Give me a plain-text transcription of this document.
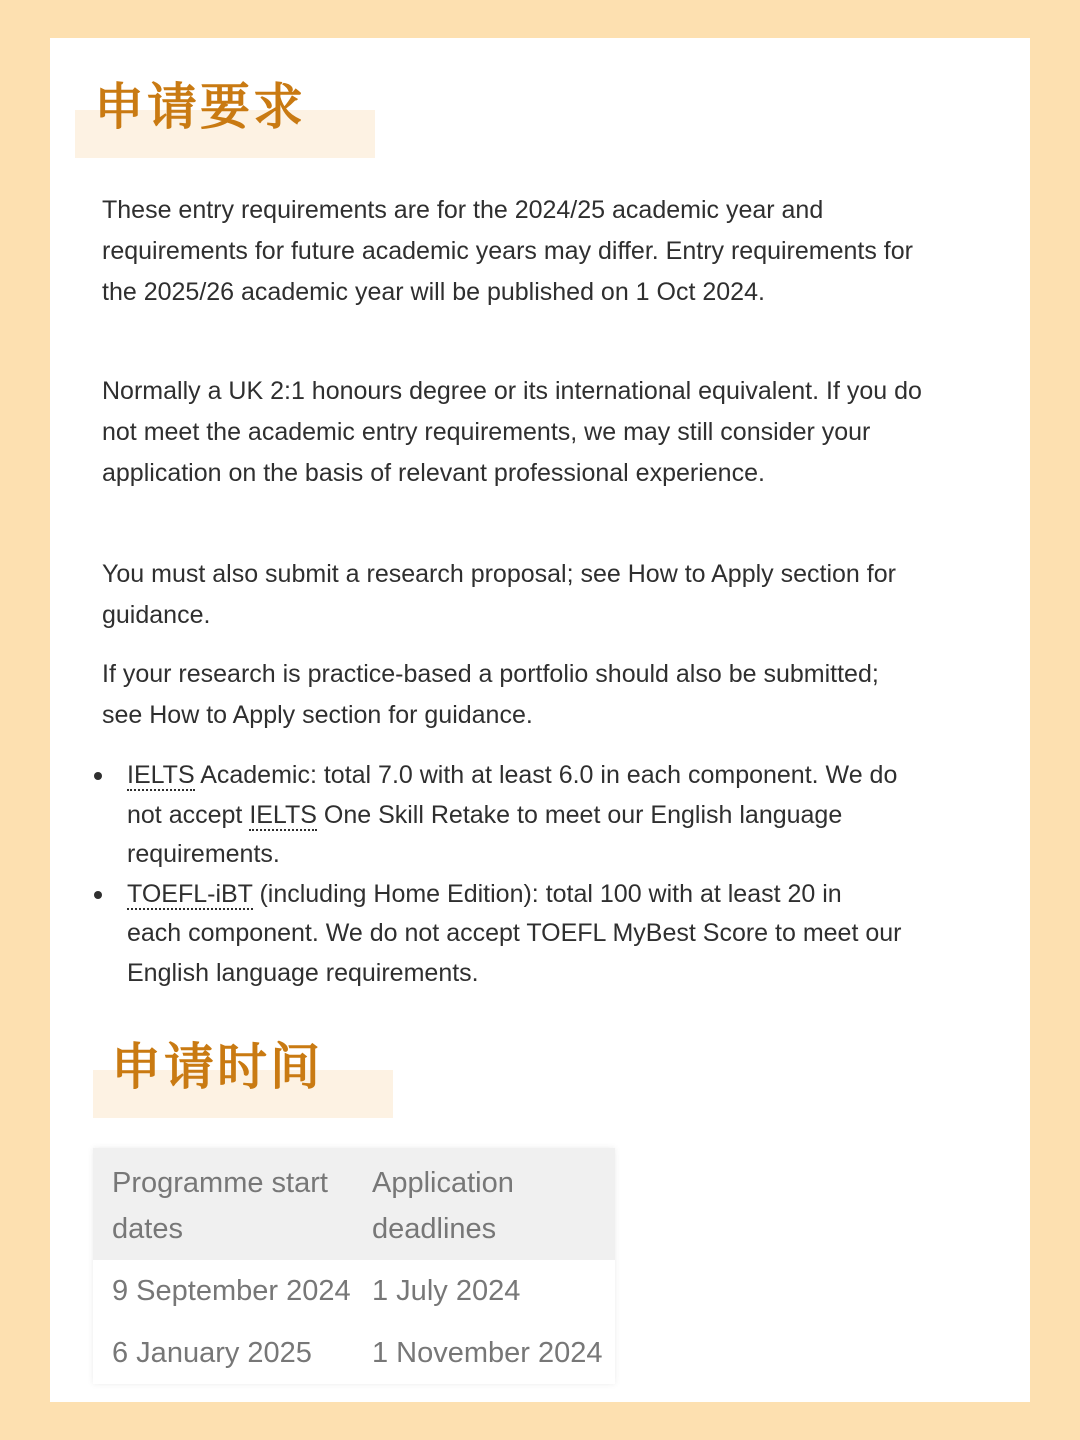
申请要求

These entry requirements are for the 2024/25 academic year and requirements for future academic years may differ. Entry requirements for the 2025/26 academic year will be published on 1 Oct 2024.

Normally a UK 2:1 honours degree or its international equivalent. If you do not meet the academic entry requirements, we may still consider your application on the basis of relevant professional experience.

You must also submit a research proposal; see How to Apply section for guidance.

If your research is practice-based a portfolio should also be submitted; see How to Apply section for guidance.

IELTS Academic: total 7.0 with at least 6.0 in each component. We do not accept IELTS One Skill Retake to meet our English language requirements.
TOEFL-iBT (including Home Edition): total 100 with at least 20 in each component. We do not accept TOEFL MyBest Score to meet our English language requirements.
申请时间
Programme start dates
Application deadlines
9 September 2024 1 July 2024
6 January 2025	1 November 2024
